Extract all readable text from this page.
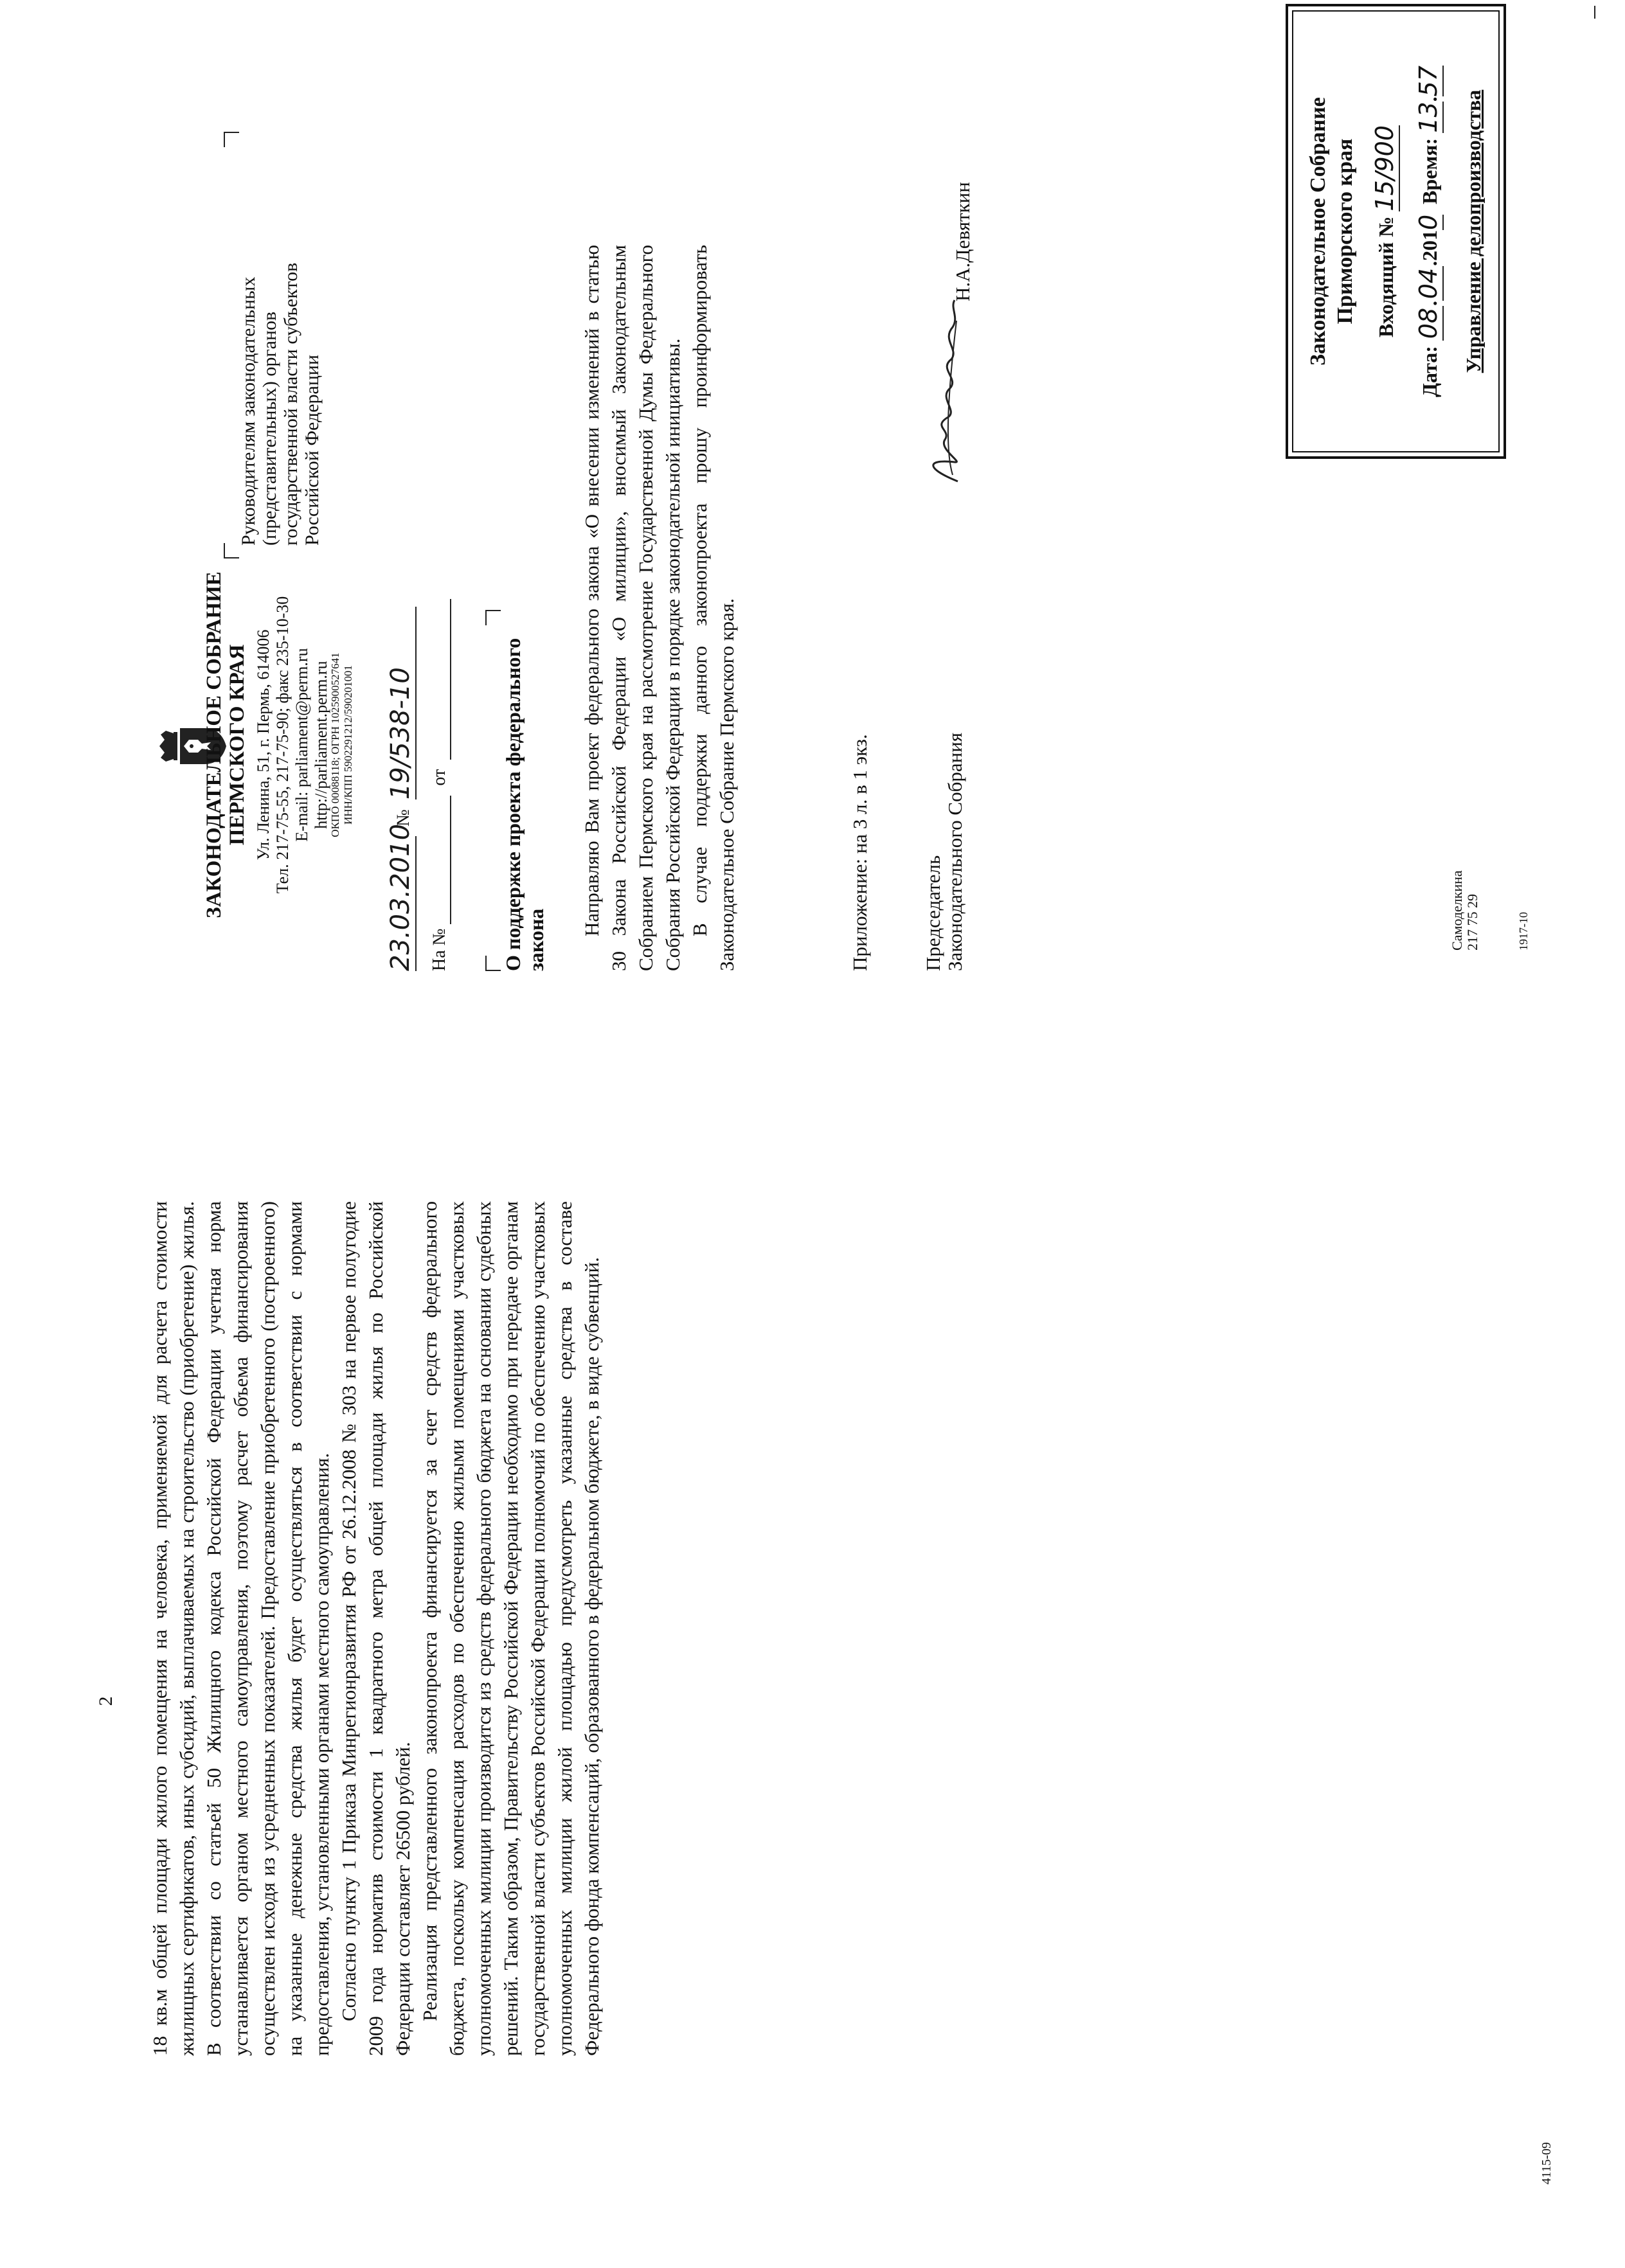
2 18 кв.м общей площади жилого помещения на человека, применяемой для расчета стоимости жилищных сертификатов, иных субсидий, выплачиваемых на строительство (приобретение) жилья. В соответствии со статьей 50 Жилищного кодекса Российской Федерации учетная норма устанавливается органом местного самоуправления, поэтому расчет объема финансирования осуществлен исходя из усредненных показателей. Предоставление приобретенного (построенного) на указанные денежные средства жилья будет осуществляться в соответствии с нормами предоставления, установленными органами местного самоуправления. Согласно пункту 1 Приказа Минрегионразвития РФ от 26.12.2008 № 303 на первое полугодие 2009 года норматив стоимости 1 квадратного метра общей площади жилья по Российской Федерации составляет 26500 рублей. Реализация представленного законопроекта финансируется за счет средств федерального бюджета, поскольку компенсация расходов по обеспечению жилыми помещениями участковых уполномоченных милиции производится из средств федерального бюджета на основании судебных решений. Таким образом, Правительству Российской Федерации необходимо при передаче органам государственной власти субъектов Российской Федерации полномочий по обеспечению участковых уполномоченных милиции жилой площадью предусмотреть указанные средства в составе Федерального фонда компенсаций, образованного в федеральном бюджете, в виде субвенций.

4115-09
ЗАКОНОДАТЕЛЬНОЕ СОБРАНИЕ ПЕРМСКОГО КРАЯ Ул. Ленина, 51, г. Пермь, 614006 Тел. 217-75-55, 217-75-90; факс 235-10-30 E-mail: parliament@perm.ru http://parliament.perm.ru
ОКПО 00088118; ОГРН 1025900527641 ИНН/КПП 5902291212/590201001
23.03.2010 № 19/538-10
На №   от	О поддержке проекта федерального закона
Руководителям законодательных (представительных) органов государственной власти субъектов Российской Федерации	Направляю Вам проект федерального закона «О внесении изменений в статью 30 Закона Российской Федерации «О милиции», вносимый Законодательным Собранием Пермского края на рассмотрение Государственной Думы Федерального Собрания Российской Федерации в порядке законодательной инициативы. В случае поддержки данного законопроекта прошу проинформировать Законодательное Собрание Пермского края.	Приложение: на 3 л. в 1 экз.	Председатель Законодательного Собрания
Н.А.Девяткин	Законодательное Собрание Приморского края Входящий № 15/900
Дата: 08.04.2010 Время: 13.57
Управление делопроизводства
Самоделкина 217 75 29	1917-10
